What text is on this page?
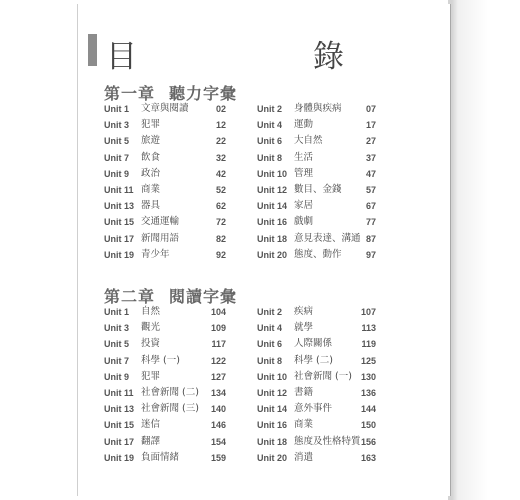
目　　錄
第一章 聽力字彙
Unit 1 文章與閱讀	02	Unit 2 身體與疾病	07
Unit 3 犯罪	12	Unit 4 運動	17
Unit 5 旅遊	22	Unit 6 大自然	27
Unit 7 飲食	32	Unit 8 生活	37
Unit 9 政治	42	Unit 10 管理	47
Unit 11 商業	52	Unit 12 數目、金錢	57
Unit 13 器具	62	Unit 14 家居	67
Unit 15 交通運輸	72	Unit 16 戲劇	77
Unit 17 新聞用語	82	Unit 18 意見表達、溝通 87
Unit 19 青少年	92	Unit 20 態度、動作	97
第二章 閱讀字彙
Unit 1 自然	104	Unit 2 疾病	107
Unit 3 觀光	109	Unit 4 就學	113
Unit 5 投資	117	Unit 6 人際關係	119
Unit 7 科學 (一)	122	Unit 8 科學 (二)	125
Unit 9 犯罪	127	Unit 10 社會新聞 (一) 130
Unit 11 社會新聞 (二) 134	Unit 12 書籍	136
Unit 13 社會新聞 (三) 140	Unit 14 意外事件	144
Unit 15 迷信	146	Unit 16 商業	150
Unit 17 翻譯	154	Unit 18 態度及性格特質 156
Unit 19 負面情緒	159	Unit 20 消遣	163
